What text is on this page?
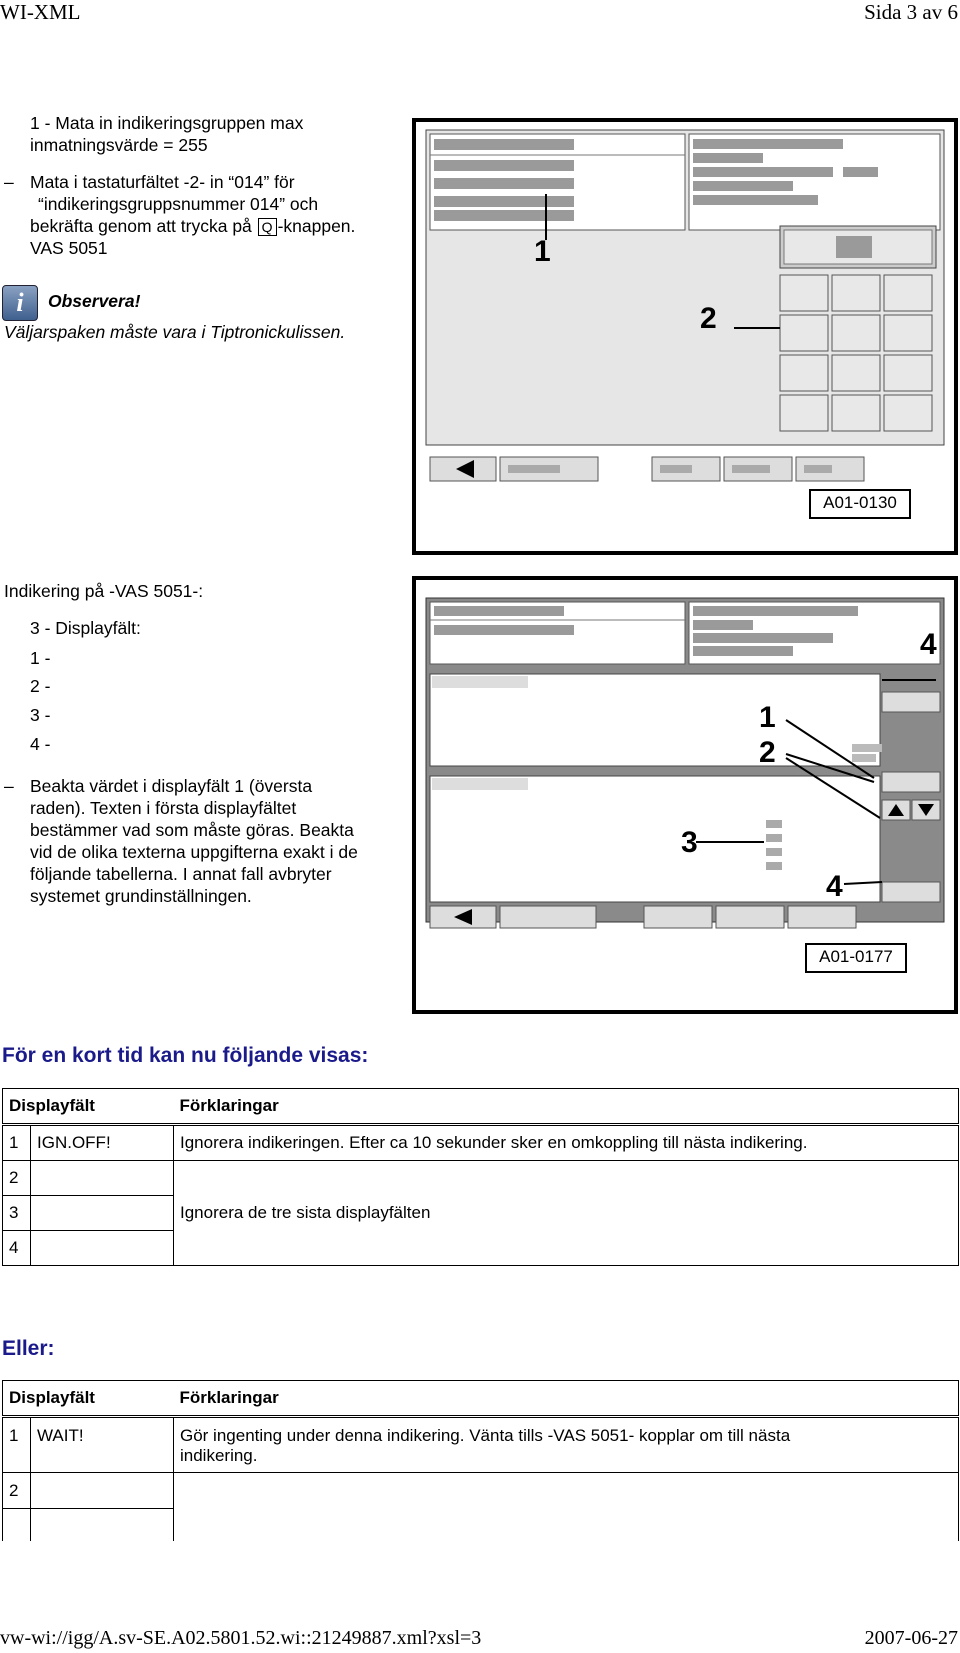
WI-XML	Sida 3 av 6
1 - Mata in indikeringsgruppen max inmatningsvärde = 255
– Mata i tastaturfältet -2- in “014” för
“indikeringsgruppsnummer 014” och
bekräfta genom att trycka på Q -knappen.
VAS 5051
i	Observera!
Väljarspaken måste vara i Tiptronickulissen.
1
2
A01-0130
Indikering på -VAS 5051-:
3 - Displayfält:
1 -
2 -
3 -
4 -
– Beakta värdet i displayfält 1 (översta
raden). Texten i första displayfältet
bestämmer vad som måste göras. Beakta
vid de olika texterna uppgifterna exakt i de
följande tabellerna. I annat fall avbryter
systemet grundinställningen.
4
1
2
3
4
A01-0177
För en kort tid kan nu följande visas:
Displayfält		Förklaringar
1	IGN.OFF!	Ignorera indikeringen. Efter ca 10 sekunder sker en omkoppling till nästa indikering.
2		Ignorera de tre sista displayfälten
3		
4		
Eller:
Displayfält		Förklaringar
1	WAIT!	Gör ingenting under denna indikering. Vänta tills -VAS 5051- kopplar om till nästa
indikering.

2		

vw-wi://igg/A.sv-SE.A02.5801.52.wi::21249887.xml?xsl=3	2007-06-27
